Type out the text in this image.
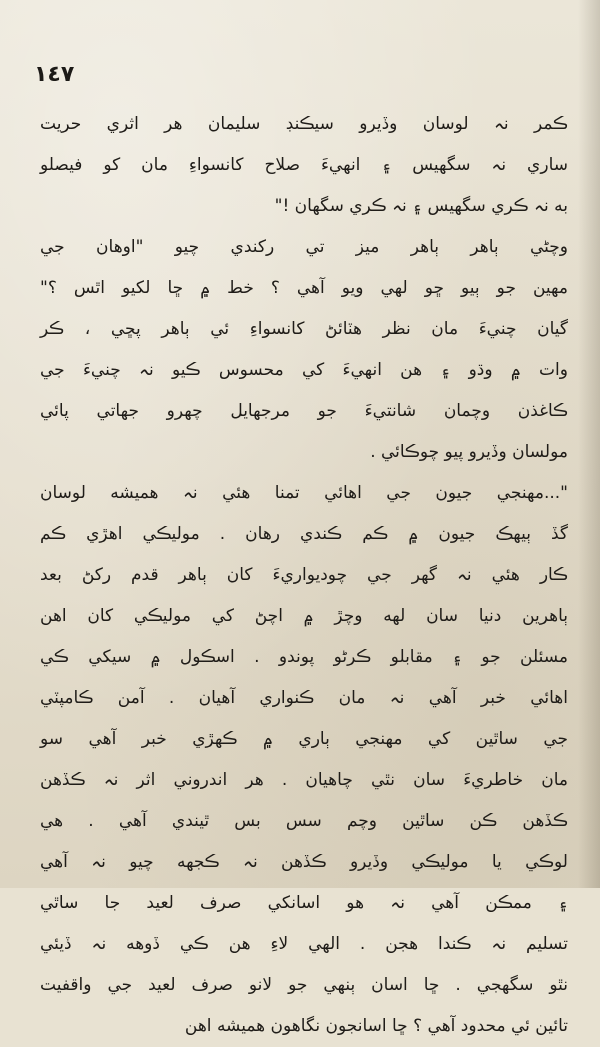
١٤٧
ڪمر نہ لوسان وڏيرو سيڪنڊ سليمان هر اثري حريت
ساري نہ سگهيس ۽ انهيءَ صلاح کانسواءِ مان کو فيصلو
به نہ ڪري سگهيس ۽ نہ ڪري سگهان !"
وچڻي ٻاهر ٻاهر ميز تي رکندي چيو "اوهان جي
مهين جو ٻيو ڇو لهي ويو آهي ؟ خط ۾ ڇا لکيو اٿس ؟"
گيان چنيءَ مان نظر هٽائڻ کانسواءِ ئي ٻاهر پڇي ، ڪر
وات ۾ وڌو ۽ هن انهيءَ کي محسوس ڪيو نہ چنيءَ جي
ڪاغذن وچمان شانتيءَ جو مرجهايل چهرو جهاتي پائي
مولسان وڏيرو پيو چوڪائي .
"...مهنجي جيون جي اهائي تمنا هئي نہ هميشه لوسان
گڏ ٻيهڪ جيون ۾ ڪم ڪندي رهان . موليڪي اهڙي ڪم
ڪار هئي نہ گهر جي چوديواريءَ کان ٻاهر قدم رکڻ بعد
ٻاهرين دنيا سان لهه وچڙ ۾ اچڻ کي موليڪي کان اهن
مسئلن جو ۽ مقابلو ڪرڻو پوندو . اسڪول ۾ سيکي ڪي
اهائي خبر آهي نہ مان ڪنواري آهيان . آمن ڪامپٽي
جي ساٿين کي مهنجي ٻاري ۾ ڪهڙي خبر آهي سو
مان خاطريءَ سان نٿي چاهيان . هر اندروني اثر نہ ڪڏهن
ڪڏهن ڪن ساٿين وچم سس بس ٿيندي آهي . هي
لوڪي يا موليڪي وڏيرو ڪڏهن نہ ڪجهه چيو نہ آهي
۽ ممڪن آهي نہ هو اسانکي صرف لعيد جا ساٿي
تسليم نہ ڪندا هجن . الهي لاءِ هن ڪي ڏوهه نہ ڏيئي
نٿو سگهجي . ڇا اسان ٻنهي جو لانو صرف لعيد جي واقفيت
تائين ئي محدود آهي ؟ ڇا اسانجون نگاهون هميشه اهن
